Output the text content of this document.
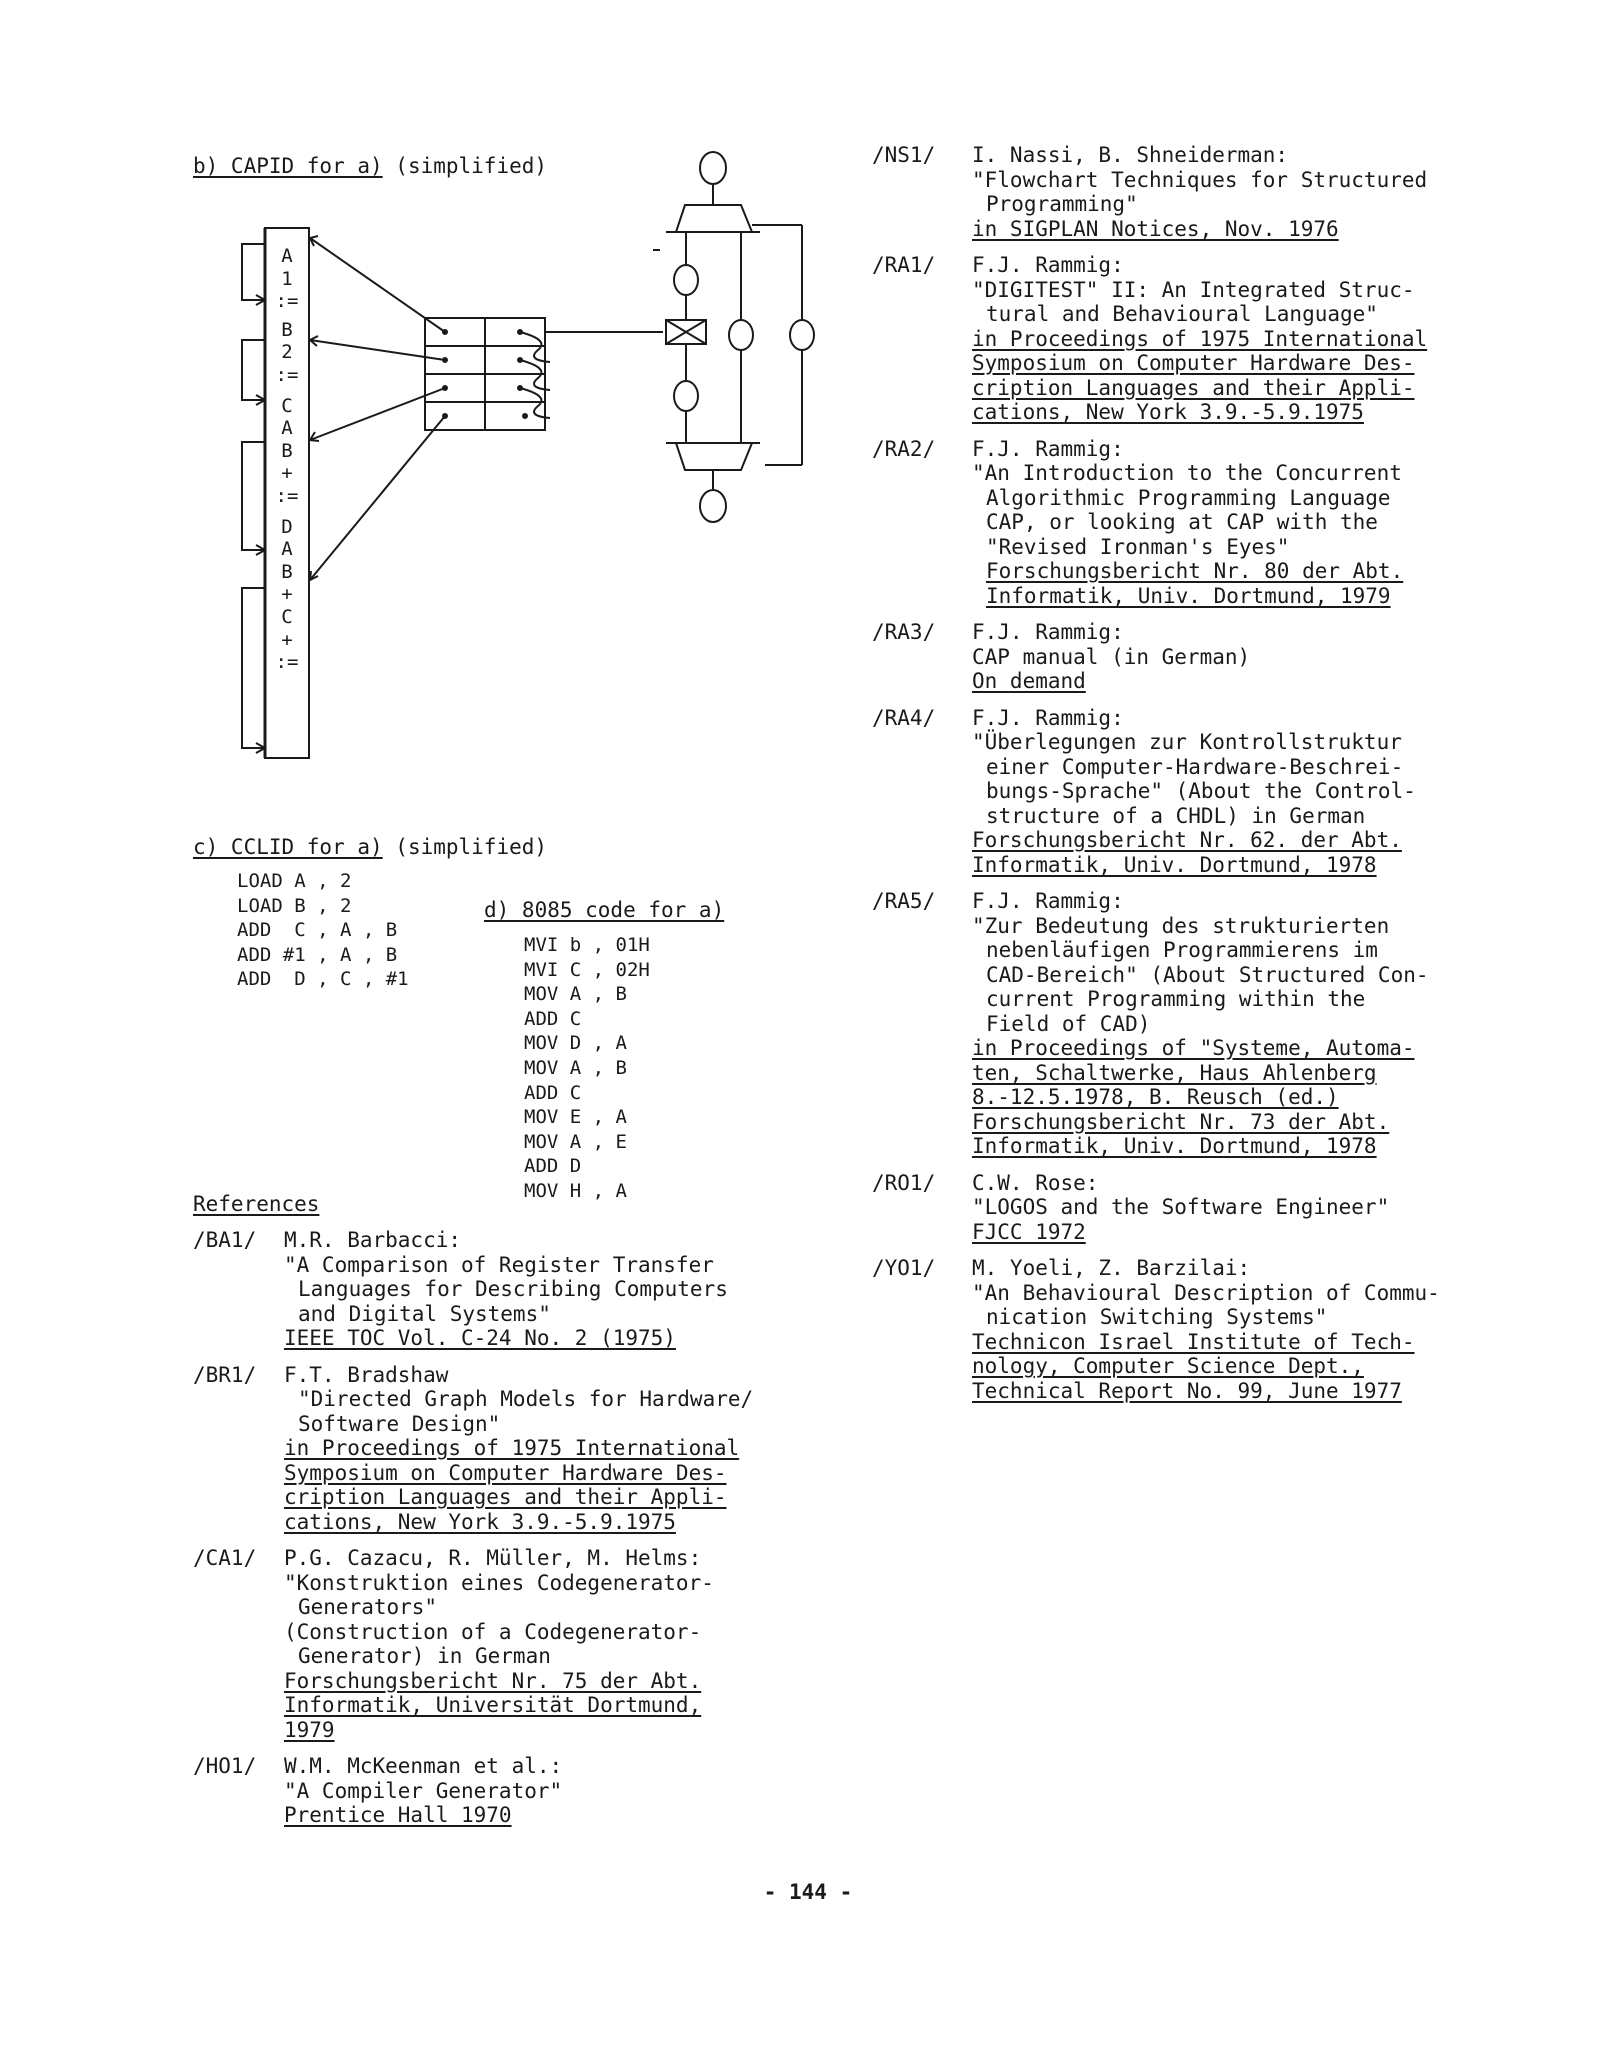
b) CAPID for a) (simplified)
A
1
:=
B
2
:=
C
A
B
+
:=
D
A
B
+
C
+
:=
c) CCLID for a) (simplified)
LOAD A , 2
LOAD B , 2
ADD  C , A , B
ADD #1 , A , B
ADD  D , C , #1
d) 8085 code for a)
MVI b , 01H
MVI C , 02H
MOV A , B
ADD C
MOV D , A
MOV A , B
ADD C
MOV E , A
MOV A , E
ADD D
MOV H , A
References
/BA1/ M.R. Barbacci:
"A Comparison of Register Transfer
Languages for Describing Computers
and Digital Systems"
IEEE TOC Vol. C-24 No. 2 (1975)
/BR1/ F.T. Bradshaw
"Directed Graph Models for Hardware/
Software Design"
in Proceedings of 1975 International
Symposium on Computer Hardware Des-
cription Languages and their Appli-
cations, New York 3.9.-5.9.1975
/CA1/ P.G. Cazacu, R. Müller, M. Helms:
"Konstruktion eines Codegenerator-
Generators"
(Construction of a Codegenerator-
Generator) in German
Forschungsbericht Nr. 75 der Abt.
Informatik, Universität Dortmund,
1979
/HO1/ W.M. McKeenman et al.:
"A Compiler Generator"
Prentice Hall 1970
/NS1/ I. Nassi, B. Shneiderman:
"Flowchart Techniques for Structured
Programming"
in SIGPLAN Notices, Nov. 1976
/RA1/ F.J. Rammig:
"DIGITEST" II: An Integrated Struc-
tural and Behavioural Language"
in Proceedings of 1975 International
Symposium on Computer Hardware Des-
cription Languages and their Appli-
cations, New York 3.9.-5.9.1975
/RA2/ F.J. Rammig:
"An Introduction to the Concurrent
Algorithmic Programming Language
CAP, or looking at CAP with the
"Revised Ironman's Eyes"
Forschungsbericht Nr. 80 der Abt.
Informatik, Univ. Dortmund, 1979
/RA3/ F.J. Rammig:
CAP manual (in German)
On demand
/RA4/ F.J. Rammig:
"Überlegungen zur Kontrollstruktur
einer Computer-Hardware-Beschrei-
bungs-Sprache" (About the Control-
structure of a CHDL) in German
Forschungsbericht Nr. 62. der Abt.
Informatik, Univ. Dortmund, 1978
/RA5/ F.J. Rammig:
"Zur Bedeutung des strukturierten
nebenläufigen Programmierens im
CAD-Bereich" (About Structured Con-
current Programming within the
Field of CAD)
in Proceedings of "Systeme, Automa-
ten, Schaltwerke, Haus Ahlenberg
8.-12.5.1978, B. Reusch (ed.)
Forschungsbericht Nr. 73 der Abt.
Informatik, Univ. Dortmund, 1978
/RO1/ C.W. Rose:
"LOGOS and the Software Engineer"
FJCC 1972
/YO1/ M. Yoeli, Z. Barzilai:
"An Behavioural Description of Commu-
nication Switching Systems"
Technicon Israel Institute of Tech-
nology, Computer Science Dept.,
Technical Report No. 99, June 1977
- 144 -
